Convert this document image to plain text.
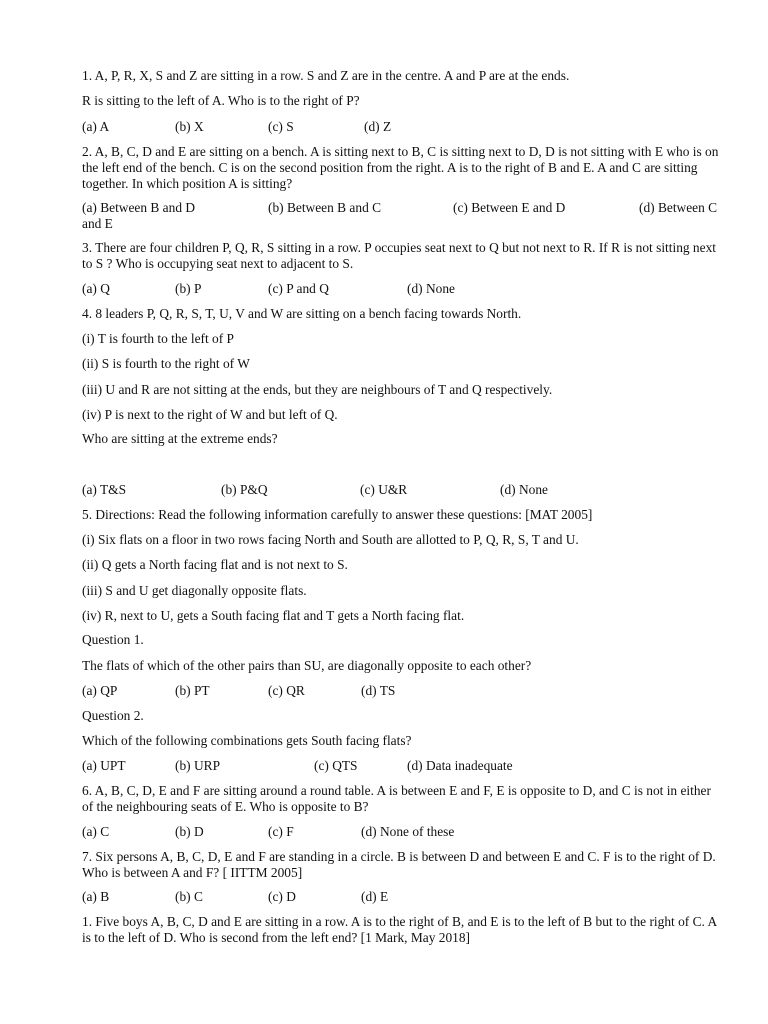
1. A, P, R, X, S and Z are sitting in a row. S and Z are in the centre. A and P are at the ends.
R is sitting to the left of A. Who is to the right of P?
(a) A	(b) X	(c) S	(d) Z
2. A, B, C, D and E are sitting on a bench. A is sitting next to B, C is sitting next to D, D is not sitting with E who is on the left end of the bench. C is on the second position from the right. A is to the right of B and E. A and C are sitting together. In which position A is sitting?
(a) Between B and D	(b) Between B and C	(c) Between E and D	(d) Between C
and E
3. There are four children P, Q, R, S sitting in a row. P occupies seat next to Q but not next to R. If R is not sitting next to S ? Who is occupying seat next to adjacent to S.
(a) Q	(b) P	(c) P and Q	(d) None
4. 8 leaders P, Q, R, S, T, U, V and W are sitting on a bench facing towards North.
(i) T is fourth to the left of P
(ii) S is fourth to the right of W
(iii) U and R are not sitting at the ends, but they are neighbours of T and Q respectively.
(iv) P is next to the right of W and but left of Q.
Who are sitting at the extreme ends?
(a) T&S	(b) P&Q	(c) U&R	(d) None
5. Directions: Read the following information carefully to answer these questions: [MAT 2005]
(i) Six flats on a floor in two rows facing North and South are allotted to P, Q, R, S, T and U.
(ii) Q gets a North facing flat and is not next to S.
(iii) S and U get diagonally opposite flats.
(iv) R, next to U, gets a South facing flat and T gets a North facing flat.
Question 1.
The flats of which of the other pairs than SU, are diagonally opposite to each other?
(a) QP	(b) PT	(c) QR	(d) TS
Question 2.
Which of the following combinations gets South facing flats?
(a) UPT	(b) URP	(c) QTS	(d) Data inadequate
6. A, B, C, D, E and F are sitting around a round table. A is between E and F, E is opposite to D, and C is not in either of the neighbouring seats of E. Who is opposite to B?
(a) C	(b) D	(c) F	(d) None of these
7. Six persons A, B, C, D, E and F are standing in a circle. B is between D and between E and C. F is to the right of D. Who is between A and F? [ IITTM 2005]
(a) B	(b) C	(c) D	(d) E
1. Five boys A, B, C, D and E are sitting in a row. A is to the right of B, and E is to the left of B but to the right of C. A is to the left of D. Who is second from the left end? [1 Mark, May 2018]
